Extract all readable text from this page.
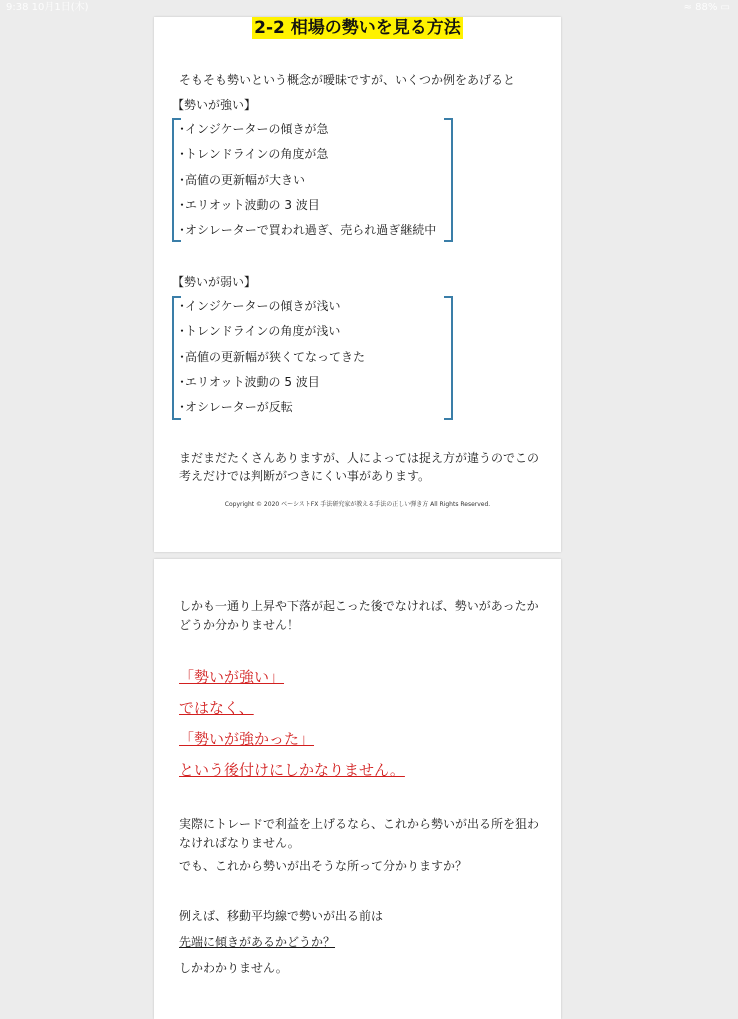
9:38 10月1日(木)	≈ 88% ▭
2-2 相場の勢いを見る方法
そもそも勢いという概念が曖昧ですが、いくつか例をあげると
【勢いが強い】
･インジケーターの傾きが急
･トレンドラインの角度が急
･高値の更新幅が大きい
･エリオット波動の 3 波目
･オシレーターで買われ過ぎ、売られ過ぎ継続中
【勢いが弱い】
･インジケーターの傾きが浅い
･トレンドラインの角度が浅い
･高値の更新幅が狭くてなってきた
･エリオット波動の 5 波目
･オシレーターが反転
まだまだたくさんありますが、人によっては捉え方が違うのでこの考えだけでは判断がつきにくい事があります。
Copyright © 2020 ベーシストFX 手法研究家が教える手法の正しい弾き方 All Rights Reserved.
しかも一通り上昇や下落が起こった後でなければ、勢いがあったかどうか分かりません！
「勢いが強い」
ではなく、
「勢いが強かった」
という後付けにしかなりません。
実際にトレードで利益を上げるなら、これから勢いが出る所を狙わなければなりません。
でも、これから勢いが出そうな所って分かりますか？
例えば、移動平均線で勢いが出る前は
先端に傾きがあるかどうか？
しかわかりません。
